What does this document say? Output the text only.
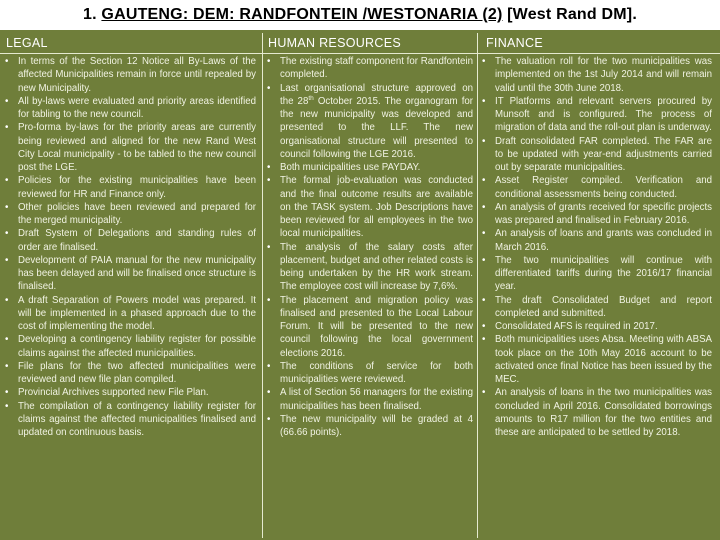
1. GAUTENG: DEM: RANDFONTEIN /WESTONARIA (2) [West Rand DM].
LEGAL
• In terms of the Section 12 Notice all By-Laws of the affected Municipalities remain in force until repealed by new Municipality.
• All by-laws were evaluated and priority areas identified for tabling to the new council.
• Pro-forma by-laws for the priority areas are currently being reviewed and aligned for the new Rand West City Local municipality - to be tabled to the new council post the LGE.
• Policies for the existing municipalities have been reviewed for HR and Finance only.
• Other policies have been reviewed and prepared for the merged municipality.
• Draft System of Delegations and standing rules of order are finalised.
• Development of PAIA manual for the new municipality has been delayed and will be finalised once structure is finalised.
• A draft Separation of Powers model was prepared. It will be implemented in a phased approach due to the cost of implementing the model.
• Developing a contingency liability register for possible claims against the affected municipalities.
• File plans for the two affected municipalities were reviewed and new file plan compiled.
• Provincial Archives supported new File Plan.
• The compilation of a contingency liability register for claims against the affected municipalities finalised and updated on continuous basis.
HUMAN RESOURCES
• The existing staff component for Randfontein completed.
• Last organisational structure approved on the 28th October 2015. The organogram for the new municipality was developed and presented to the LLF. The new organisational structure will presented to council following the LGE 2016.
• Both municipalities use PAYDAY.
• The formal job-evaluation was conducted and the final outcome results are available on the TASK system. Job Descriptions have been reviewed for all employees in the two local municipalities.
• The analysis of the salary costs after placement, budget and other related costs is being undertaken by the HR work stream. The employee cost will increase by 7,6%.
• The placement and migration policy was finalised and presented to the Local Labour Forum. It will be presented to the new council following the local government elections 2016.
• The conditions of service for both municipalities were reviewed.
• A list of Section 56 managers for the existing municipalities has been finalised.
• The new municipality will be graded at 4 (66.66 points).
FINANCE
• The valuation roll for the two municipalities was implemented on the 1st July 2014 and will remain valid until the 30th June 2018.
• IT Platforms and relevant servers procured by Munsoft and is configured. The process of migration of data and the roll-out plan is underway.
• Draft consolidated FAR completed. The FAR are to be updated with year-end adjustments carried out by separate municipalities.
• Asset Register compiled. Verification and conditional assessments being conducted.
• An analysis of grants received for specific projects was prepared and finalised in February 2016.
• An analysis of loans and grants was concluded in March 2016.
• The two municipalities will continue with differentiated tariffs during the 2016/17 financial year.
• The draft Consolidated Budget and report completed and submitted.
• Consolidated AFS is required in 2017.
• Both municipalities uses Absa. Meeting with ABSA took place on the 10th May 2016 account to be activated once final Notice has been issued by the MEC.
• An analysis of loans in the two municipalities was concluded in April 2016. Consolidated borrowings amounts to R17 million for the two entities and these are anticipated to be settled by 2018.
